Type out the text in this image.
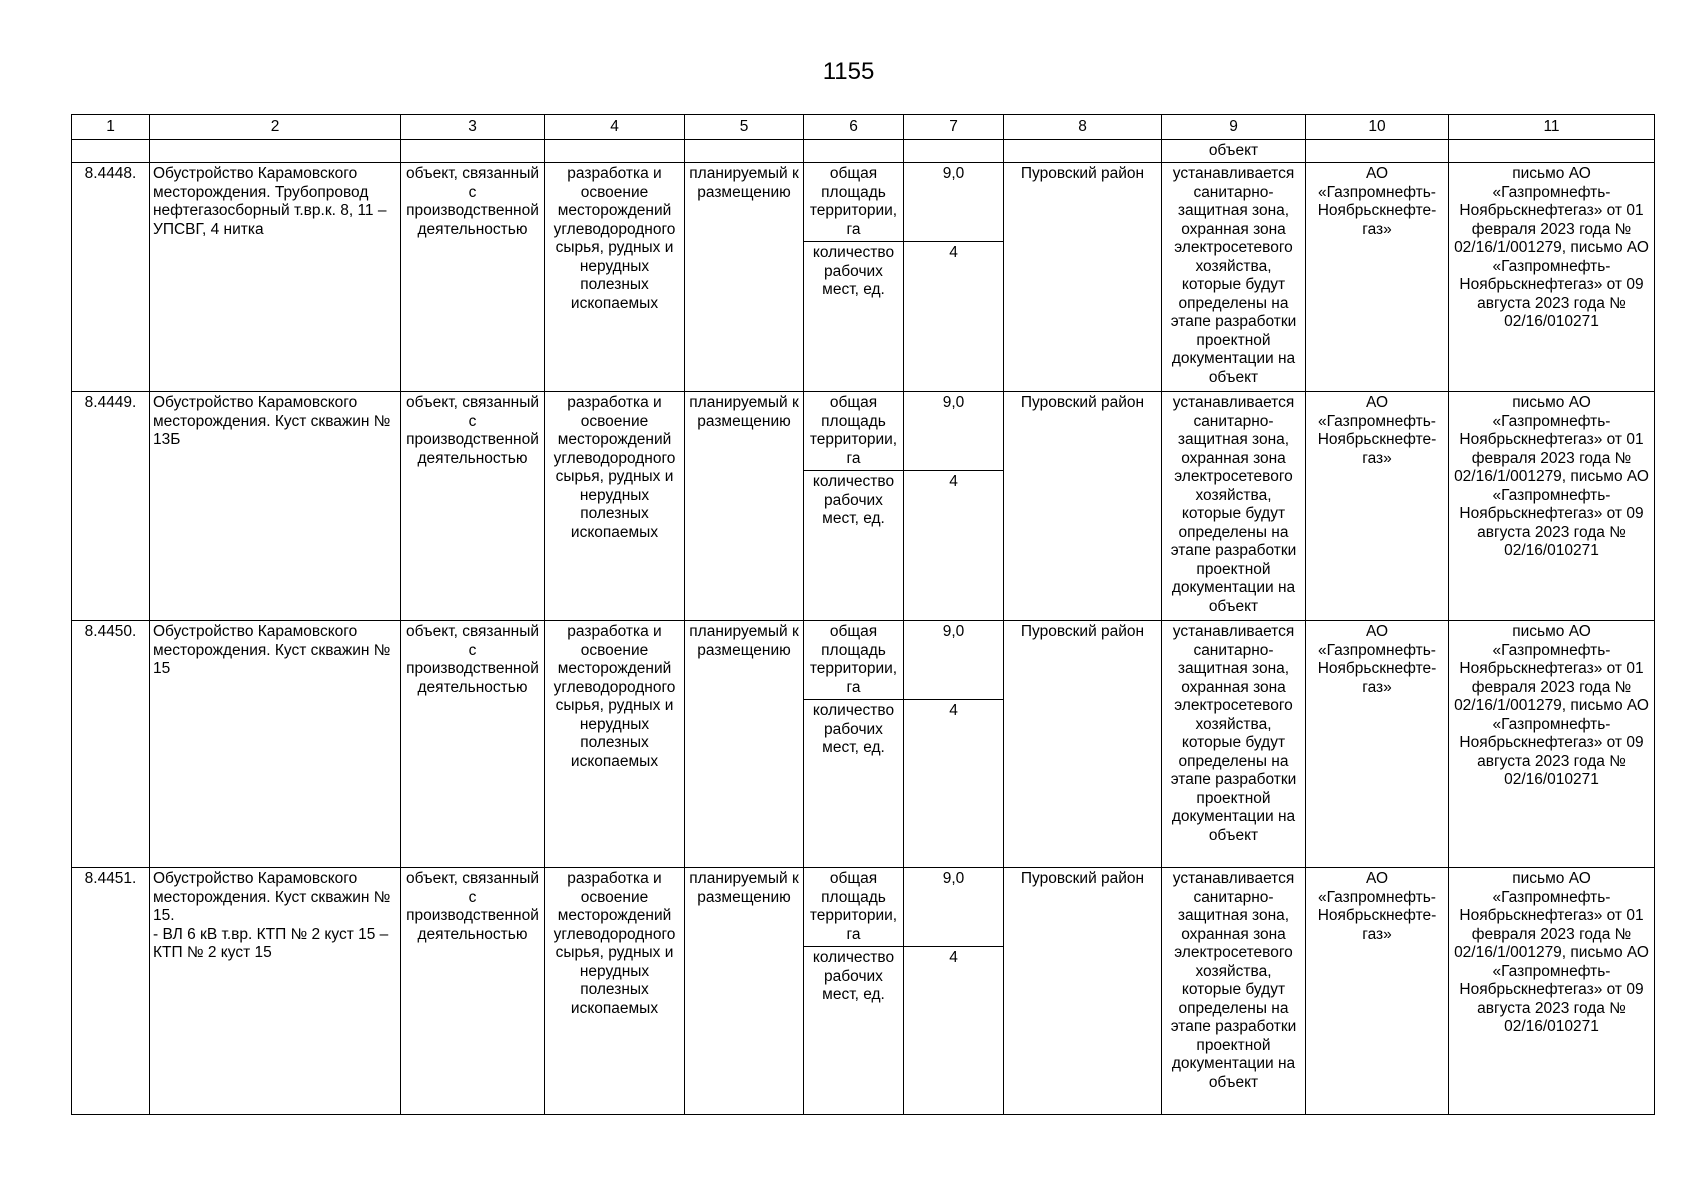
1155
1	2	3	4	5	6	7	8	9	10	11
								объект		
8.4448.	Обустройство Карамовского месторождения. Трубопровод нефтегазосборный т.вр.к. 8, 11 – УПСВГ, 4 нитка	объект, связанный с производственной деятельностью	разработка и освоение месторождений углеводородного сырья, рудных и нерудных полезных ископаемых	планируемый к размещению	общая площадь территории, га	9,0	Пуровский район	устанавливается санитарно-защитная зона, охранная зона электросетевого хозяйства, которые будут определены на этапе разработки проектной документации на объект	АО «Газпромнефть-Ноябрьскнефте-газ»	письмо АО «Газпромнефть-Ноябрьскнефтегаз» от 01 февраля 2023 года № 02/16/1/001279, письмо АО «Газпромнефть-Ноябрьскнефтегаз» от 09 августа 2023 года № 02/16/010271
					количество рабочих мест, ед.	4				
8.4449.	Обустройство Карамовского месторождения. Куст скважин № 13Б	объект, связанный с производственной деятельностью	разработка и освоение месторождений углеводородного сырья, рудных и нерудных полезных ископаемых	планируемый к размещению	общая площадь территории, га	9,0	Пуровский район	устанавливается санитарно-защитная зона, охранная зона электросетевого хозяйства, которые будут определены на этапе разработки проектной документации на объект	АО «Газпромнефть-Ноябрьскнефте-газ»	письмо АО «Газпромнефть-Ноябрьскнефтегаз» от 01 февраля 2023 года № 02/16/1/001279, письмо АО «Газпромнефть-Ноябрьскнефтегаз» от 09 августа 2023 года № 02/16/010271
					количество рабочих мест, ед.	4				
8.4450.	Обустройство Карамовского месторождения. Куст скважин № 15	объект, связанный с производственной деятельностью	разработка и освоение месторождений углеводородного сырья, рудных и нерудных полезных ископаемых	планируемый к размещению	общая площадь территории, га	9,0	Пуровский район	устанавливается санитарно-защитная зона, охранная зона электросетевого хозяйства, которые будут определены на этапе разработки проектной документации на объект	АО «Газпромнефть-Ноябрьскнефте-газ»	письмо АО «Газпромнефть-Ноябрьскнефтегаз» от 01 февраля 2023 года № 02/16/1/001279, письмо АО «Газпромнефть-Ноябрьскнефтегаз» от 09 августа 2023 года № 02/16/010271
					количество рабочих мест, ед.	4				
8.4451.	Обустройство Карамовского месторождения. Куст скважин № 15.
- ВЛ 6 кВ т.вр. КТП № 2 куст 15 – КТП № 2 куст 15	объект, связанный с производственной деятельностью	разработка и освоение месторождений углеводородного сырья, рудных и нерудных полезных ископаемых	планируемый к размещению	общая площадь территории, га	9,0	Пуровский район	устанавливается санитарно-защитная зона, охранная зона электросетевого хозяйства, которые будут определены на этапе разработки проектной документации на объект	АО «Газпромнефть-Ноябрьскнефте-газ»	письмо АО «Газпромнефть-Ноябрьскнефтегаз» от 01 февраля 2023 года № 02/16/1/001279, письмо АО «Газпромнефть-Ноябрьскнефтегаз» от 09 августа 2023 года № 02/16/010271
					количество рабочих мест, ед.	4				
